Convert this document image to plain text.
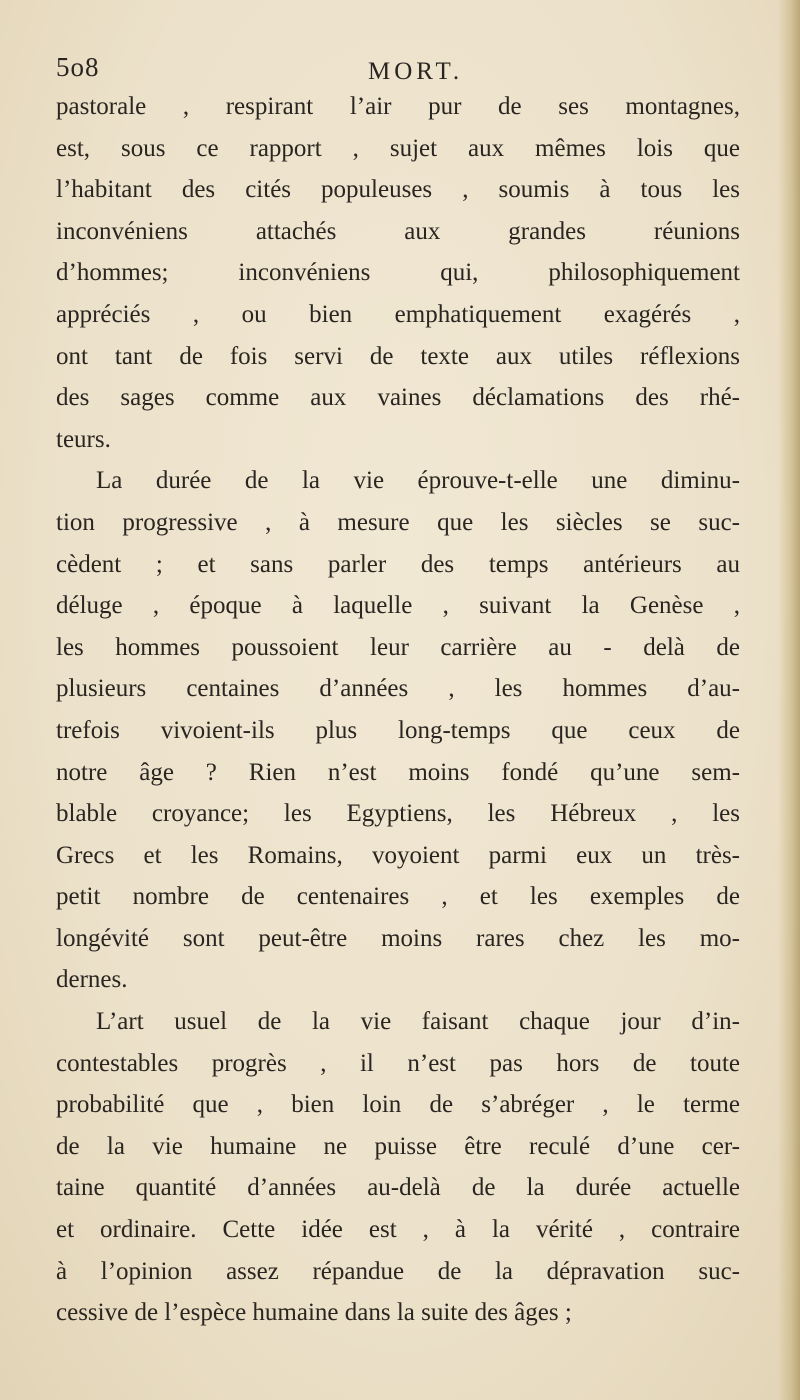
5o8	MORT.
pastorale , respirant l’air pur de ses montagnes,
est, sous ce rapport , sujet aux mêmes lois que
l’habitant des cités populeuses , soumis à tous les
inconvéniens attachés aux grandes réunions
d’hommes; inconvéniens qui, philosophiquement
appréciés , ou bien emphatiquement exagérés ,
ont tant de fois servi de texte aux utiles réflexions
des sages comme aux vaines déclamations des rhé-
teurs.
La durée de la vie éprouve-t-elle une diminu-
tion progressive , à mesure que les siècles se suc-
cèdent ; et sans parler des temps antérieurs au
déluge , époque à laquelle , suivant la Genèse ,
les hommes poussoient leur carrière au - delà de
plusieurs centaines d’années , les hommes d’au-
trefois vivoient-ils plus long-temps que ceux de
notre âge ? Rien n’est moins fondé qu’une sem-
blable croyance; les Egyptiens, les Hébreux , les
Grecs et les Romains, voyoient parmi eux un très-
petit nombre de centenaires , et les exemples de
longévité sont peut-être moins rares chez les mo-
dernes.
L’art usuel de la vie faisant chaque jour d’in-
contestables progrès , il n’est pas hors de toute
probabilité que , bien loin de s’abréger , le terme
de la vie humaine ne puisse être reculé d’une cer-
taine quantité d’années au-delà de la durée actuelle
et ordinaire. Cette idée est , à la vérité , contraire
à l’opinion assez répandue de la dépravation suc-
cessive de l’espèce humaine dans la suite des âges ;
